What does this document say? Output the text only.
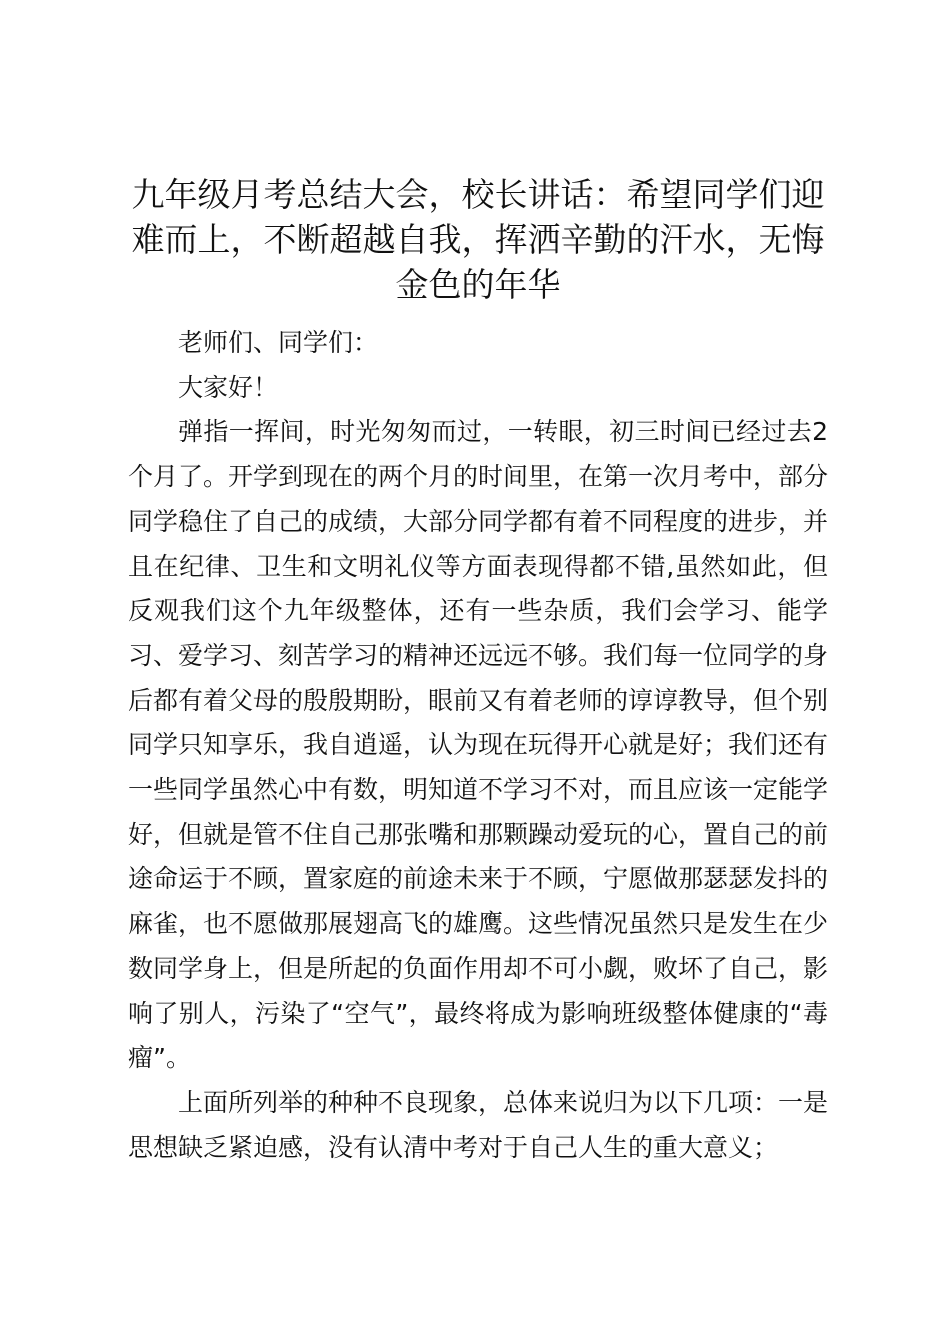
九年级月考总结大会，校长讲话：希望同学们迎难而上，不断超越自我，挥洒辛勤的汗水，无悔金色的年华

老师们、同学们：

大家好！

弹指一挥间，时光匆匆而过，一转眼，初三时间已经过去2个月了。开学到现在的两个月的时间里，在第一次月考中，部分同学稳住了自己的成绩，大部分同学都有着不同程度的进步，并且在纪律、卫生和文明礼仪等方面表现得都不错,虽然如此，但反观我们这个九年级整体，还有一些杂质，我们会学习、能学习、爱学习、刻苦学习的精神还远远不够。我们每一位同学的身后都有着父母的殷殷期盼，眼前又有着老师的谆谆教导，但个别同学只知享乐，我自逍遥，认为现在玩得开心就是好；我们还有一些同学虽然心中有数，明知道不学习不对，而且应该一定能学好，但就是管不住自己那张嘴和那颗躁动爱玩的心，置自己的前途命运于不顾，置家庭的前途未来于不顾，宁愿做那瑟瑟发抖的麻雀，也不愿做那展翅高飞的雄鹰。这些情况虽然只是发生在少数同学身上，但是所起的负面作用却不可小觑，败坏了自己，影响了别人，污染了“空气”，最终将成为影响班级整体健康的“毒瘤”。

上面所列举的种种不良现象，总体来说归为以下几项：一是思想缺乏紧迫感，没有认清中考对于自己人生的重大意义；
